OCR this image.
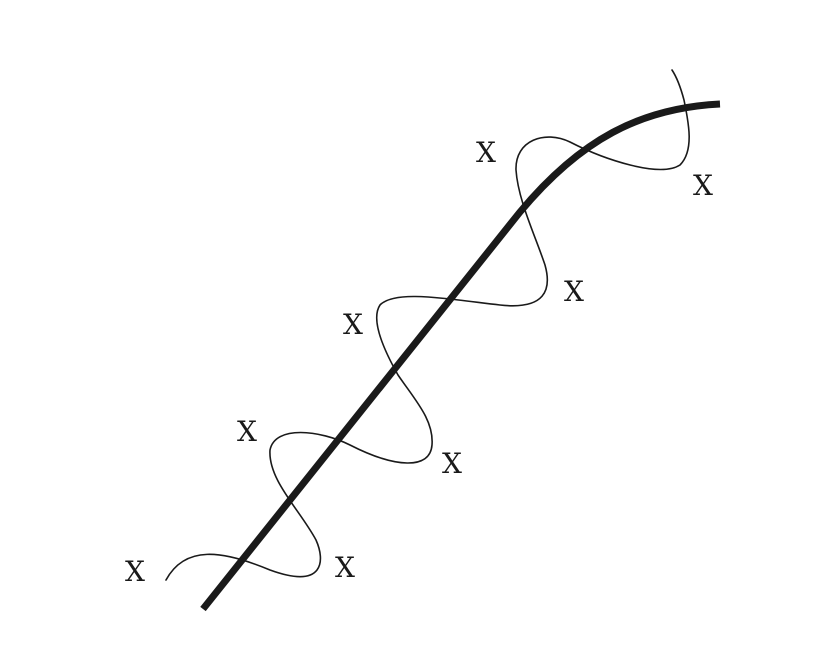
X	X
X
X
X
X
X
X
